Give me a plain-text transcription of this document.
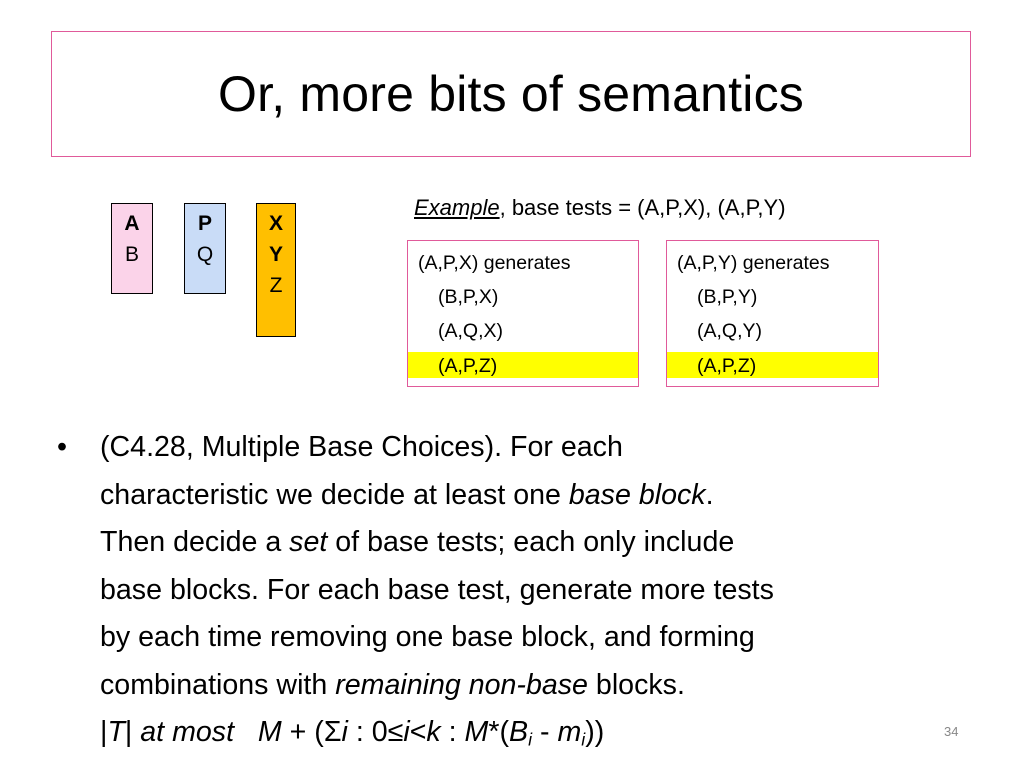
Or, more bits of semantics
A
B
P
Q
X
Y
Z
Example, base tests = (A,P,X), (A,P,Y)
(A,P,X) generates
(B,P,X)
(A,Q,X)
(A,P,Z)
(A,P,Y) generates
(B,P,Y)
(A,Q,Y)
(A,P,Z)
• (C4.28, Multiple Base Choices). For each
characteristic we decide at least one base block.
Then decide a set of base tests; each only include
base blocks. For each base test, generate more tests
by each time removing one base block, and forming
combinations with remaining non-base blocks.
|T| at most M + (Σi : 0≤i<k : $M*(B_i - m_i)$)	34
